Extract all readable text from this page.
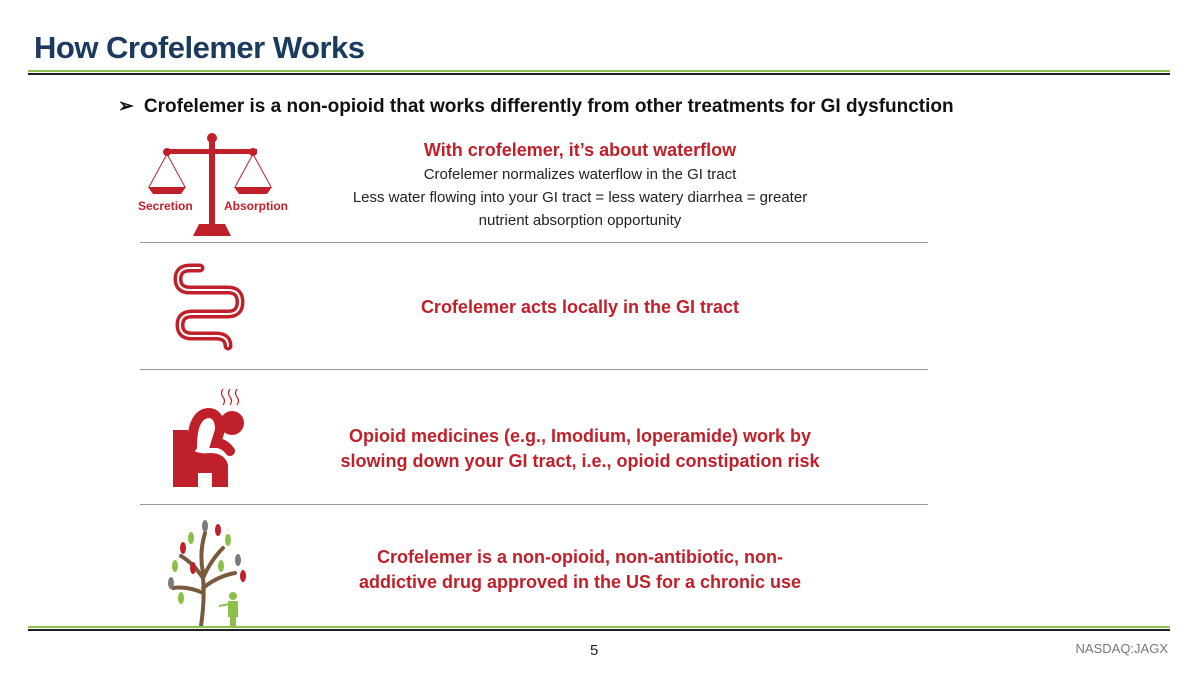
How Crofelemer Works
➢ Crofelemer is a non-opioid that works differently from other treatments for GI dysfunction
Secretion	Absorption
With crofelemer, it’s about waterflow
Crofelemer normalizes waterflow in the GI tract
Less water flowing into your GI tract = less watery diarrhea = greater nutrient absorption opportunity
Crofelemer acts locally in the GI tract
Opioid medicines (e.g., Imodium, loperamide) work by slowing down your GI tract, i.e., opioid constipation risk
Crofelemer is a non-opioid, non-antibiotic, non-addictive drug approved in the US for a chronic use
5	NASDAQ:JAGX
